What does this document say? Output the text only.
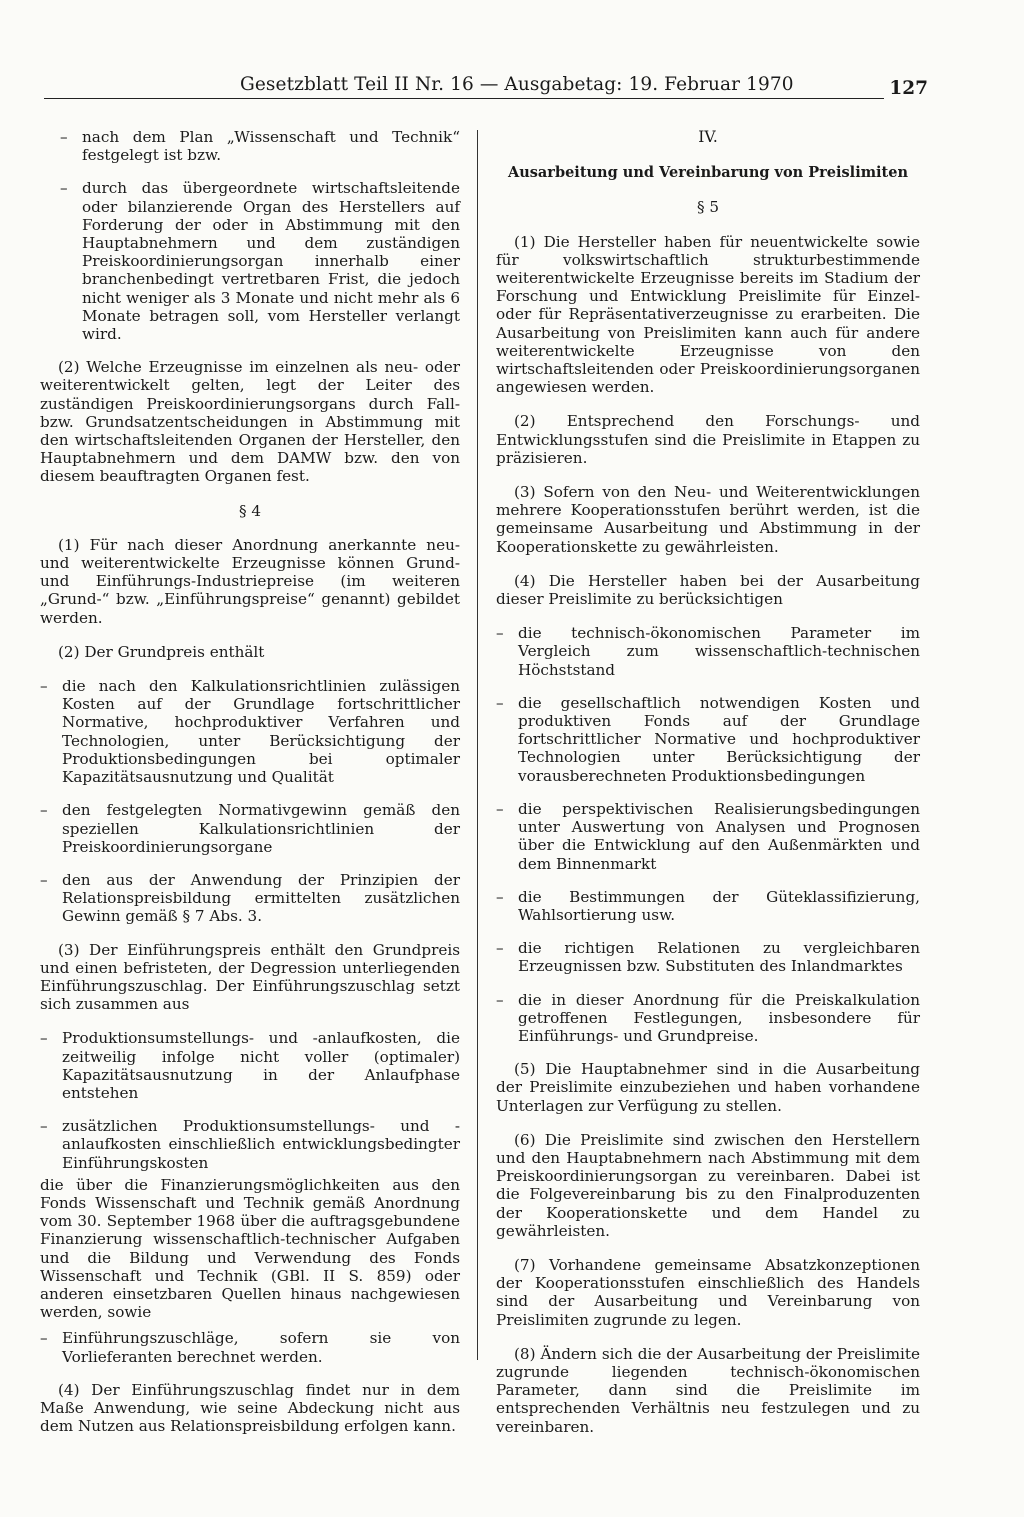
Gesetzblatt Teil II Nr. 16 — Ausgabetag: 19. Februar 1970	127
– nach dem Plan „Wissenschaft und Technik“ festgelegt ist bzw.
– durch das übergeordnete wirtschaftsleitende oder bilanzierende Organ des Herstellers auf Forderung der oder in Abstimmung mit den Hauptabnehmern und dem zuständigen Preiskoordinierungsorgan innerhalb einer branchenbedingt vertretbaren Frist, die jedoch nicht weniger als 3 Monate und nicht mehr als 6 Monate betragen soll, vom Hersteller verlangt wird.

(2) Welche Erzeugnisse im einzelnen als neu- oder weiterentwickelt gelten, legt der Leiter des zuständigen Preiskoordinierungsorgans durch Fall- bzw. Grundsatzentscheidungen in Abstimmung mit den wirtschaftsleitenden Organen der Hersteller, den Hauptabnehmern und dem DAMW bzw. den von diesem beauftragten Organen fest.

§ 4

(1) Für nach dieser Anordnung anerkannte neu- und weiterentwickelte Erzeugnisse können Grund- und Einführungs-Industriepreise (im weiteren „Grund-“ bzw. „Einführungspreise“ genannt) gebildet werden.

(2) Der Grundpreis enthält

– die nach den Kalkulationsrichtlinien zulässigen Kosten auf der Grundlage fortschrittlicher Normative, hochproduktiver Verfahren und Technologien, unter Berücksichtigung der Produktionsbedingungen bei optimaler Kapazitätsausnutzung und Qualität
– den festgelegten Normativgewinn gemäß den speziellen Kalkulationsrichtlinien der Preiskoordinierungsorgane
– den aus der Anwendung der Prinzipien der Relationspreisbildung ermittelten zusätzlichen Gewinn gemäß § 7 Abs. 3.

(3) Der Einführungspreis enthält den Grundpreis und einen befristeten, der Degression unterliegenden Einführungszuschlag. Der Einführungszuschlag setzt sich zusammen aus

– Produktionsumstellungs- und -anlaufkosten, die zeitweilig infolge nicht voller (optimaler) Kapazitätsausnutzung in der Anlaufphase entstehen
– zusätzlichen Produktionsumstellungs- und -anlaufkosten einschließlich entwicklungsbedingter Einführungskosten

die über die Finanzierungsmöglichkeiten aus den Fonds Wissenschaft und Technik gemäß Anordnung vom 30. September 1968 über die auftragsgebundene Finanzierung wissenschaftlich-technischer Aufgaben und die Bildung und Verwendung des Fonds Wissenschaft und Technik (GBl. II S. 859) oder anderen einsetzbaren Quellen hinaus nachgewiesen werden, sowie

– Einführungszuschläge, sofern sie von Vorlieferanten berechnet werden.

(4) Der Einführungszuschlag findet nur in dem Maße Anwendung, wie seine Abdeckung nicht aus dem Nutzen aus Relationspreisbildung erfolgen kann.

IV.
Ausarbeitung und Vereinbarung von Preislimiten
§ 5

(1) Die Hersteller haben für neuentwickelte sowie für volkswirtschaftlich strukturbestimmende weiterentwickelte Erzeugnisse bereits im Stadium der Forschung und Entwicklung Preislimite für Einzel- oder für Repräsentativerzeugnisse zu erarbeiten. Die Ausarbeitung von Preislimiten kann auch für andere weiterentwickelte Erzeugnisse von den wirtschaftsleitenden oder Preiskoordinierungsorganen angewiesen werden.

(2) Entsprechend den Forschungs- und Entwicklungsstufen sind die Preislimite in Etappen zu präzisieren.

(3) Sofern von den Neu- und Weiterentwicklungen mehrere Kooperationsstufen berührt werden, ist die gemeinsame Ausarbeitung und Abstimmung in der Kooperationskette zu gewährleisten.

(4) Die Hersteller haben bei der Ausarbeitung dieser Preislimite zu berücksichtigen

– die technisch-ökonomischen Parameter im Vergleich zum wissenschaftlich-technischen Höchststand
– die gesellschaftlich notwendigen Kosten und produktiven Fonds auf der Grundlage fortschrittlicher Normative und hochproduktiver Technologien unter Berücksichtigung der vorausberechneten Produktionsbedingungen
– die perspektivischen Realisierungsbedingungen unter Auswertung von Analysen und Prognosen über die Entwicklung auf den Außenmärkten und dem Binnenmarkt
– die Bestimmungen der Güteklassifizierung, Wahlsortierung usw.
– die richtigen Relationen zu vergleichbaren Erzeugnissen bzw. Substituten des Inlandmarktes
– die in dieser Anordnung für die Preiskalkulation getroffenen Festlegungen, insbesondere für Einführungs- und Grundpreise.

(5) Die Hauptabnehmer sind in die Ausarbeitung der Preislimite einzubeziehen und haben vorhandene Unterlagen zur Verfügung zu stellen.

(6) Die Preislimite sind zwischen den Herstellern und den Hauptabnehmern nach Abstimmung mit dem Preiskoordinierungsorgan zu vereinbaren. Dabei ist die Folgevereinbarung bis zu den Finalproduzenten der Kooperationskette und dem Handel zu gewährleisten.

(7) Vorhandene gemeinsame Absatzkonzeptionen der Kooperationsstufen einschließlich des Handels sind der Ausarbeitung und Vereinbarung von Preislimiten zugrunde zu legen.

(8) Ändern sich die der Ausarbeitung der Preislimite zugrunde liegenden technisch-ökonomischen Parameter, dann sind die Preislimite im entsprechenden Verhältnis neu festzulegen und zu vereinbaren.
